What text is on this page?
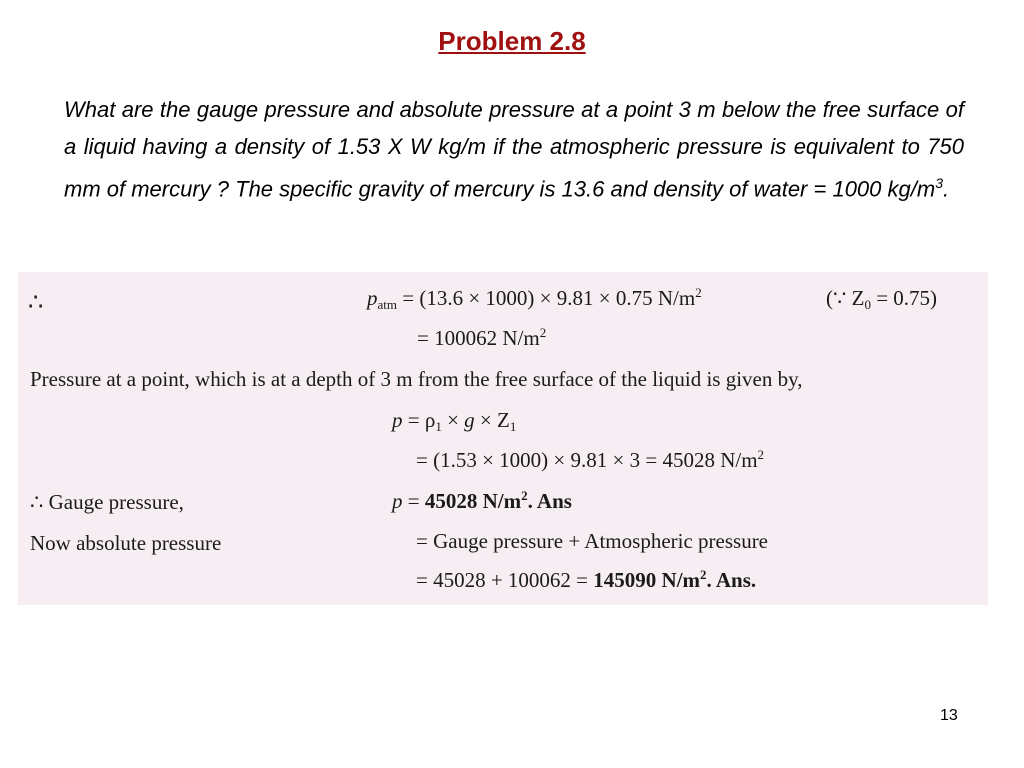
Problem 2.8
What are the gauge pressure and absolute pressure at a point 3 m below the free surface of a liquid having a density of 1.53 X W kg/m if the atmospheric pressure is equivalent to 750 mm of mercury ? The specific gravity of mercury is 13.6 and density of water = 1000 $kg/m^3$.
∴	$p_{atm} = (13.6 \times 1000) \times 9.81 \times 0.75$ $N/m^2$	(∵ $Z_0 = 0.75$)
= 100062 $N/m^2$
Pressure at a point, which is at a depth of 3 m from the free surface of the liquid is given by,
$p = \rho_1 \times g \times Z_1$
= (1.53 × 1000) × 9.81 × 3 = 45028 $N/m^2$
∴ Gauge pressure,	p = 45028 $N/m^2$. Ans
Now absolute pressure	= Gauge pressure + Atmospheric pressure
= 45028 + 100062 = 145090 $N/m^2$. Ans.
13
